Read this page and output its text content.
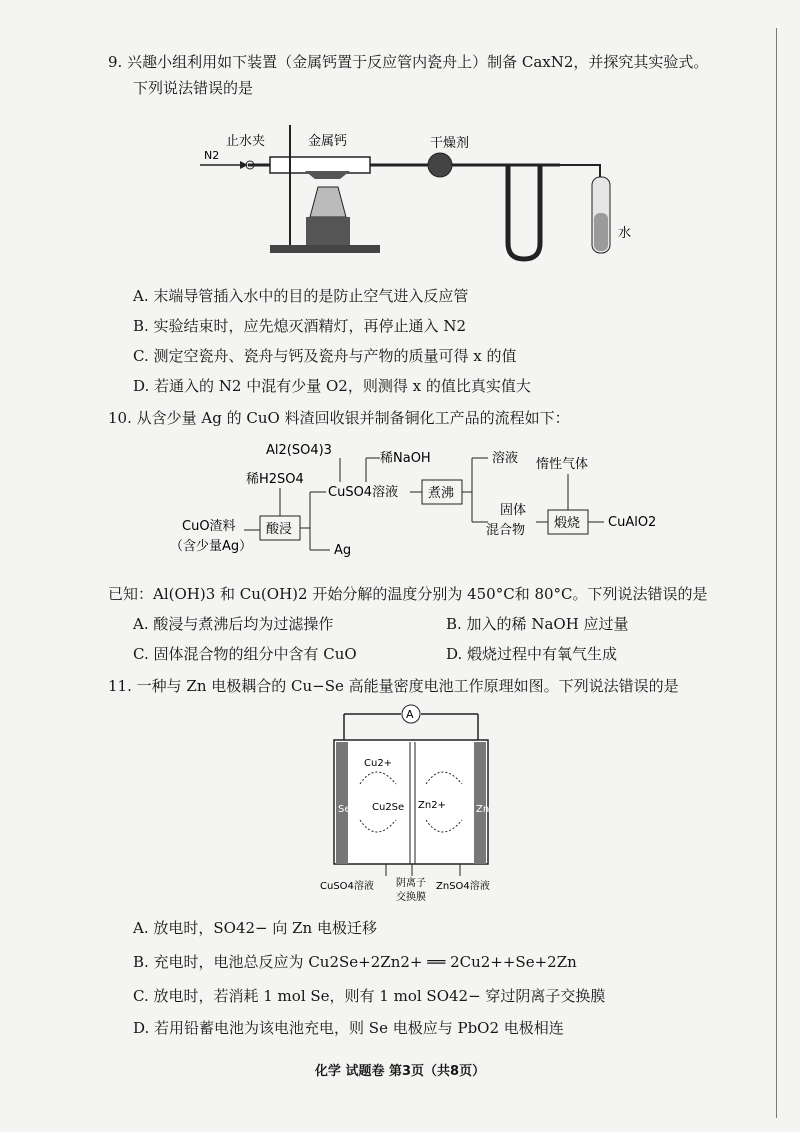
9. 兴趣小组利用如下装置（金属钙置于反应管内瓷舟上）制备 CaxN2，并探究其实验式。
下列说法错误的是
N2
止水夹	金属钙	干燥剂
水
A. 末端导管插入水中的目的是防止空气进入反应管
B. 实验结束时，应先熄灭酒精灯，再停止通入 N2
C. 测定空瓷舟、瓷舟与钙及瓷舟与产物的质量可得 x 的值
D. 若通入的 N2 中混有少量 O2，则测得 x 的值比真实值大
10. 从含少量 Ag 的 CuO 料渣回收银并制备铜化工产品的流程如下：
Al2(SO4)3
稀NaOH
稀H2SO4
CuO渣料
（含少量Ag）
酸浸
Ag
CuSO4溶液 煮沸
溶液 惰性气体
固体
混合物 煅烧 CuAlO2
已知：Al(OH)3 和 Cu(OH)2 开始分解的温度分别为 450°C和 80°C。下列说法错误的是
A. 酸浸与煮沸后均为过滤操作	B. 加入的稀 NaOH 应过量
C. 固体混合物的组分中含有 CuO	D. 煅烧过程中有氧气生成
11. 一种与 Zn 电极耦合的 Cu−Se 高能量密度电池工作原理如图。下列说法错误的是
A
Se	Zn
Cu2+
Cu2Se Zn2+
CuSO4溶液 阴离子
交换膜
ZnSO4溶液
A. 放电时，SO42− 向 Zn 电极迁移
B. 充电时，电池总反应为 Cu2Se+2Zn2+ ══ 2Cu2++Se+2Zn
C. 放电时，若消耗 1 mol Se，则有 1 mol SO42− 穿过阴离子交换膜
D. 若用铅蓄电池为该电池充电，则 Se 电极应与 PbO2 电极相连
化学 试题卷 第3页（共8页）
